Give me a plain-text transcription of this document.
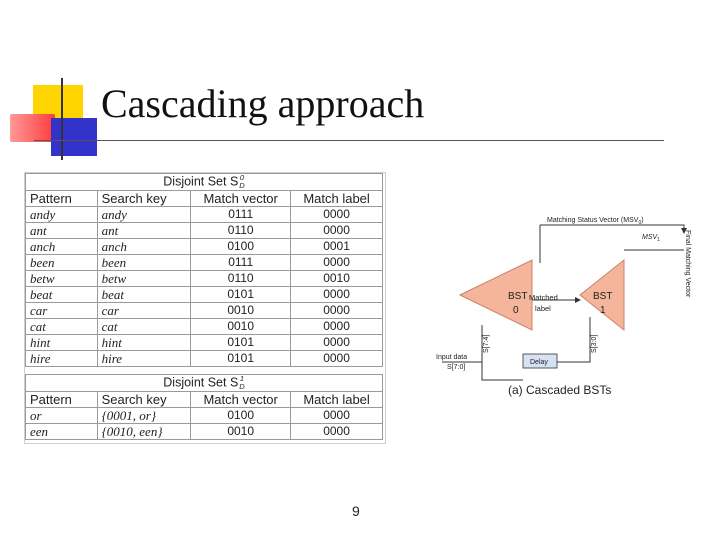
Cascading approach
Disjoint Set S 0
D			

Pattern	Search key	Match vector	Match label
andy	andy	0111	0000
ant	ant	0110	0000
anch	anch	0100	0001
been	been	0111	0000
betw	betw	0110	0010
beat	beat	0101	0000
car	car	0010	0000
cat	cat	0010	0000
hint	hint	0101	0000
hire	hire	0101	0000
Disjoint Set S 1
D			

Pattern	Search key	Match vector	Match label
or	{0001, or}	0100	0000
een	{0010, een}	0010	0000
BST
0
BST
1
Matched
label
Matching Status Vector $(MSV_0)$
$MSV_1$	Final Matching Vector
S[7:4]	S[3:0]
Input data
S[7:0]
Delay
(a) Cascaded BSTs
9
